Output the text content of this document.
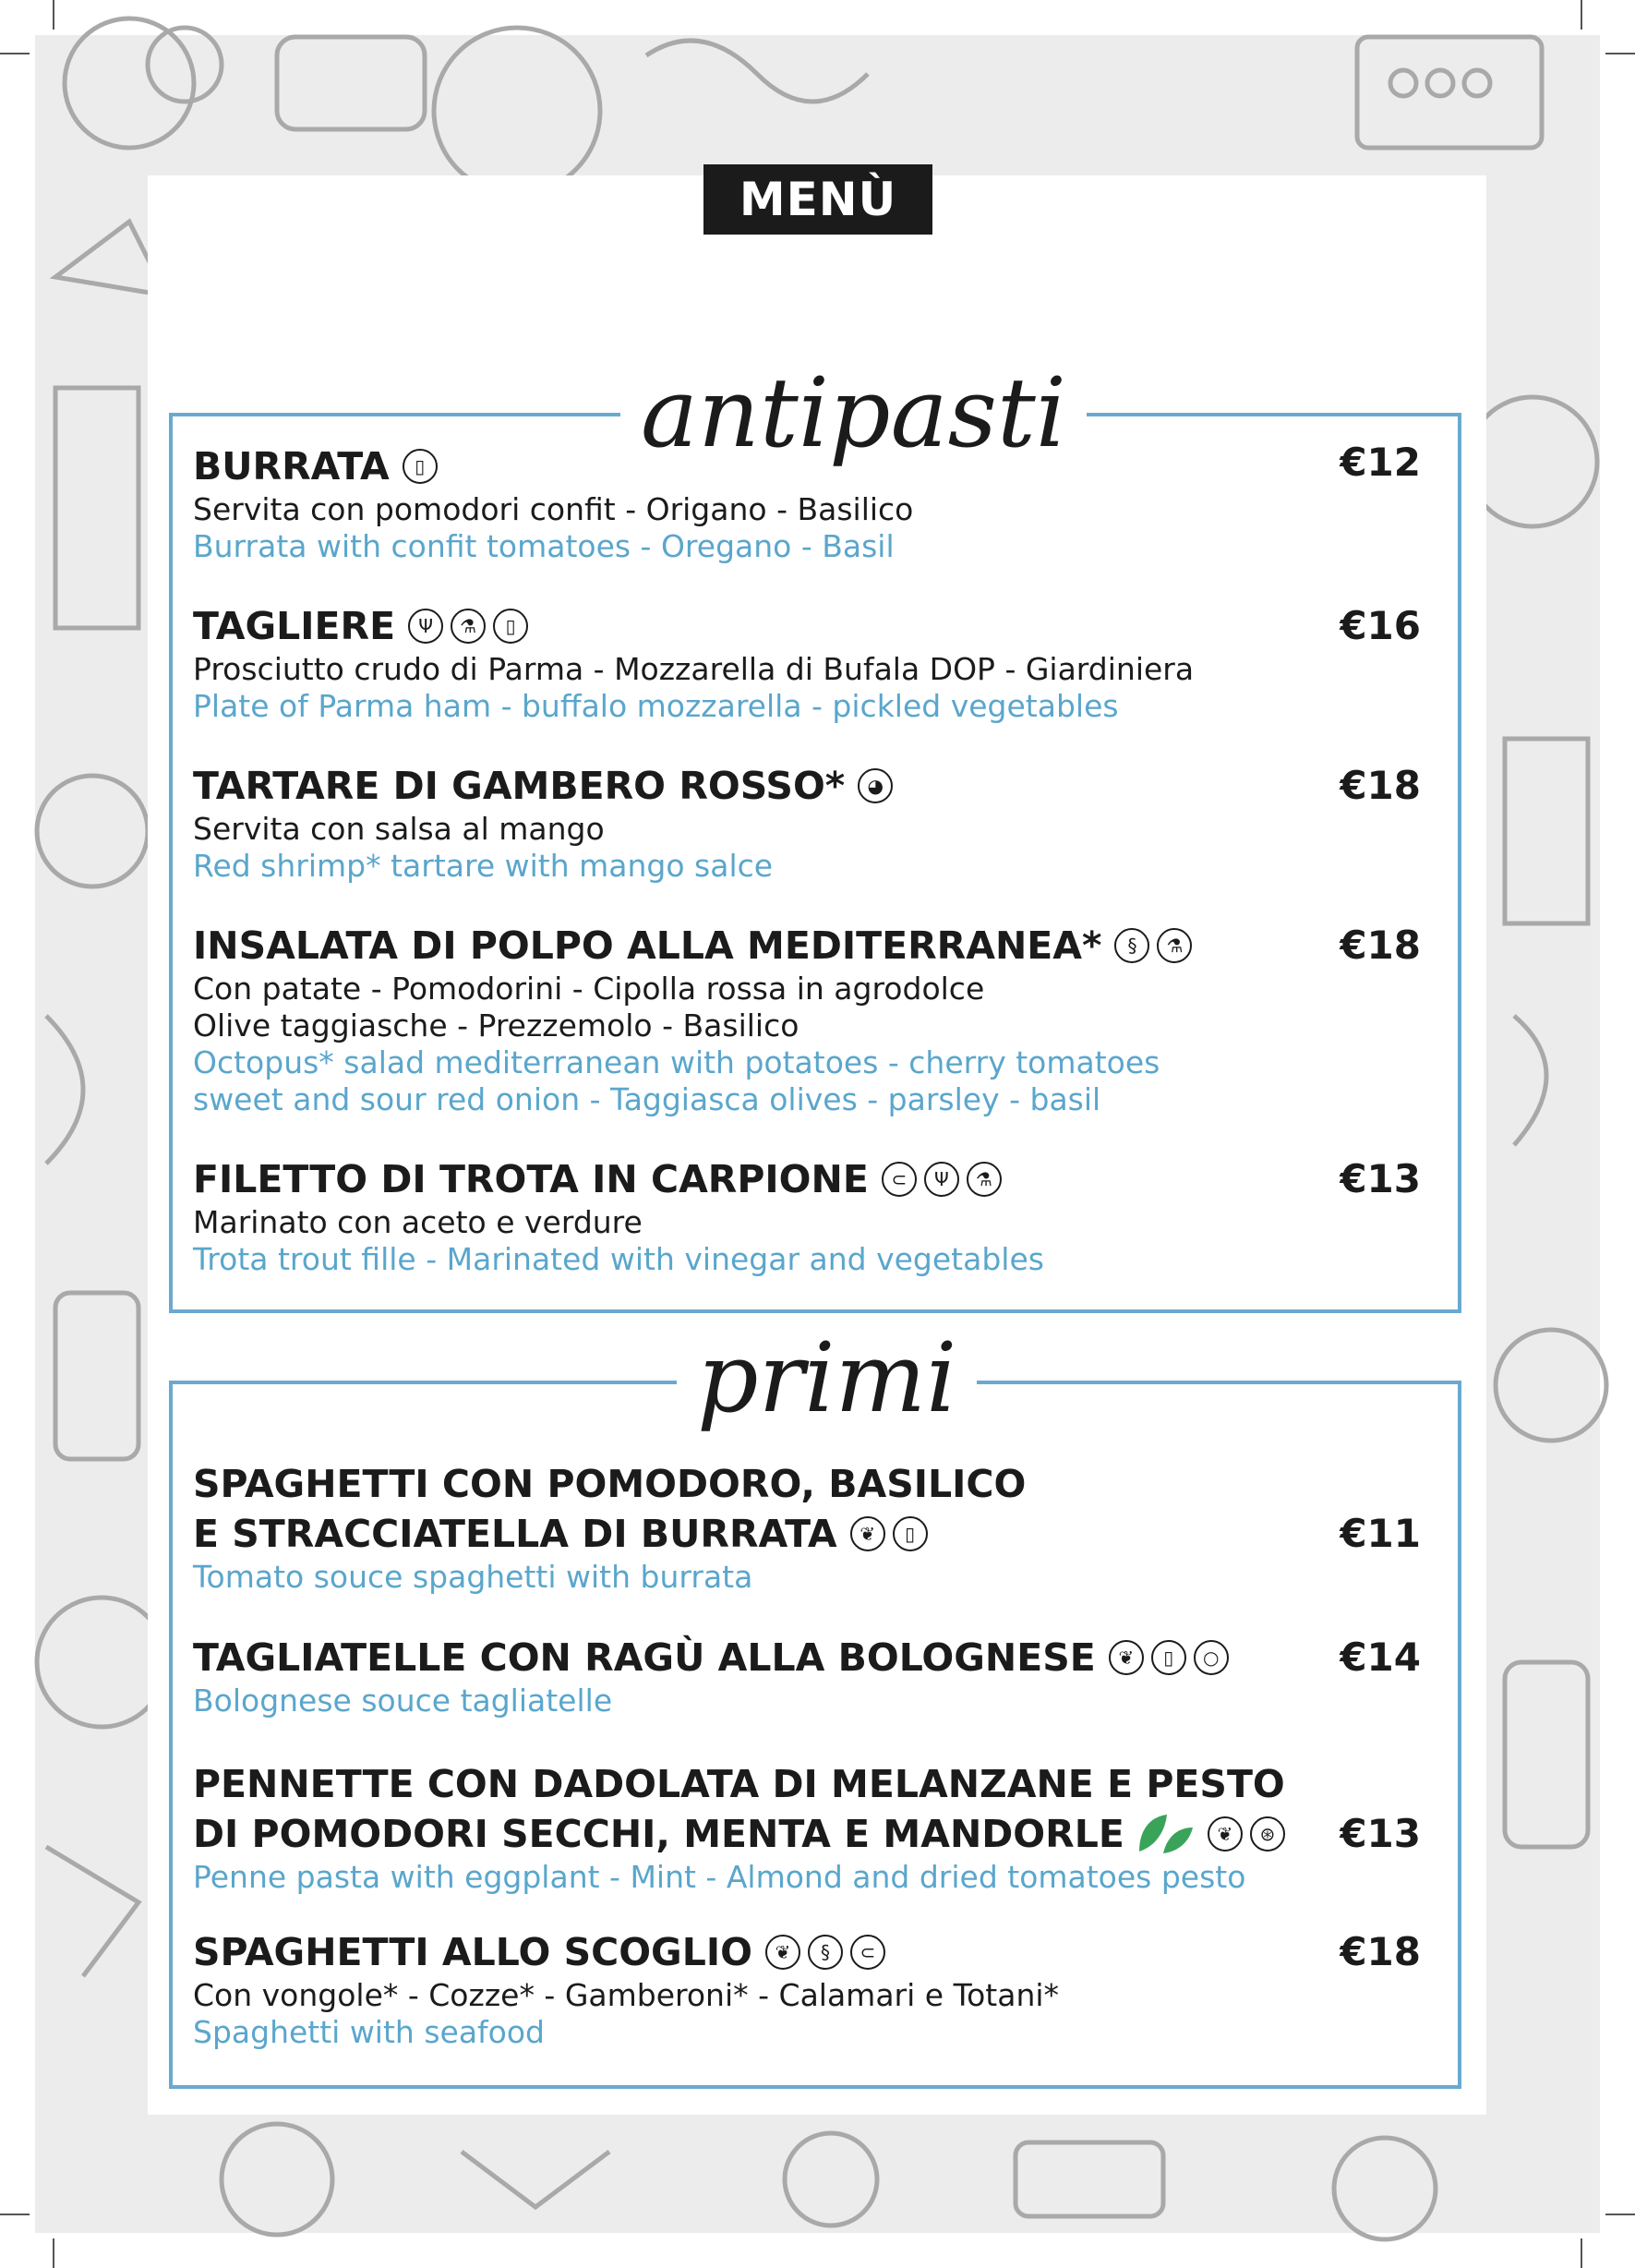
MENÙ
antipasti
primi
BURRATA	▯	€12
Servita con pomodori confit - Origano - Basilico
Burrata with confit tomatoes - Oregano - Basil
TAGLIERE	Ψ	⚗	▯	€16
Prosciutto crudo di Parma - Mozzarella di Bufala DOP - Giardiniera
Plate of Parma ham - buffalo mozzarella - pickled vegetables
TARTARE DI GAMBERO ROSSO*	◕	€18
Servita con salsa al mango
Red shrimp* tartare with mango salce
INSALATA DI POLPO ALLA MEDITERRANEA*	§	⚗	€18
Con patate - Pomodorini - Cipolla rossa in agrodolce
Olive taggiasche - Prezzemolo - Basilico
Octopus* salad mediterranean with potatoes - cherry tomatoes
sweet and sour red onion - Taggiasca olives - parsley - basil
FILETTO DI TROTA IN CARPIONE	⊂	Ψ	⚗	€13
Marinato con aceto e verdure
Trota trout fille - Marinated with vinegar and vegetables
SPAGHETTI CON POMODORO, BASILICO
E STRACCIATELLA DI BURRATA	❦	▯	€11
Tomato souce spaghetti with burrata
TAGLIATELLE CON RAGÙ ALLA BOLOGNESE	❦	▯	○	€14
Bolognese souce tagliatelle
PENNETTE CON DADOLATA DI MELANZANE E PESTO
DI POMODORI SECCHI, MENTA E MANDORLE	❦	⊛ €13
Penne pasta with eggplant - Mint - Almond and dried tomatoes pesto
SPAGHETTI ALLO SCOGLIO	❦	§	⊂	€18
Con vongole* - Cozze* - Gamberoni* - Calamari e Totani*
Spaghetti with seafood
